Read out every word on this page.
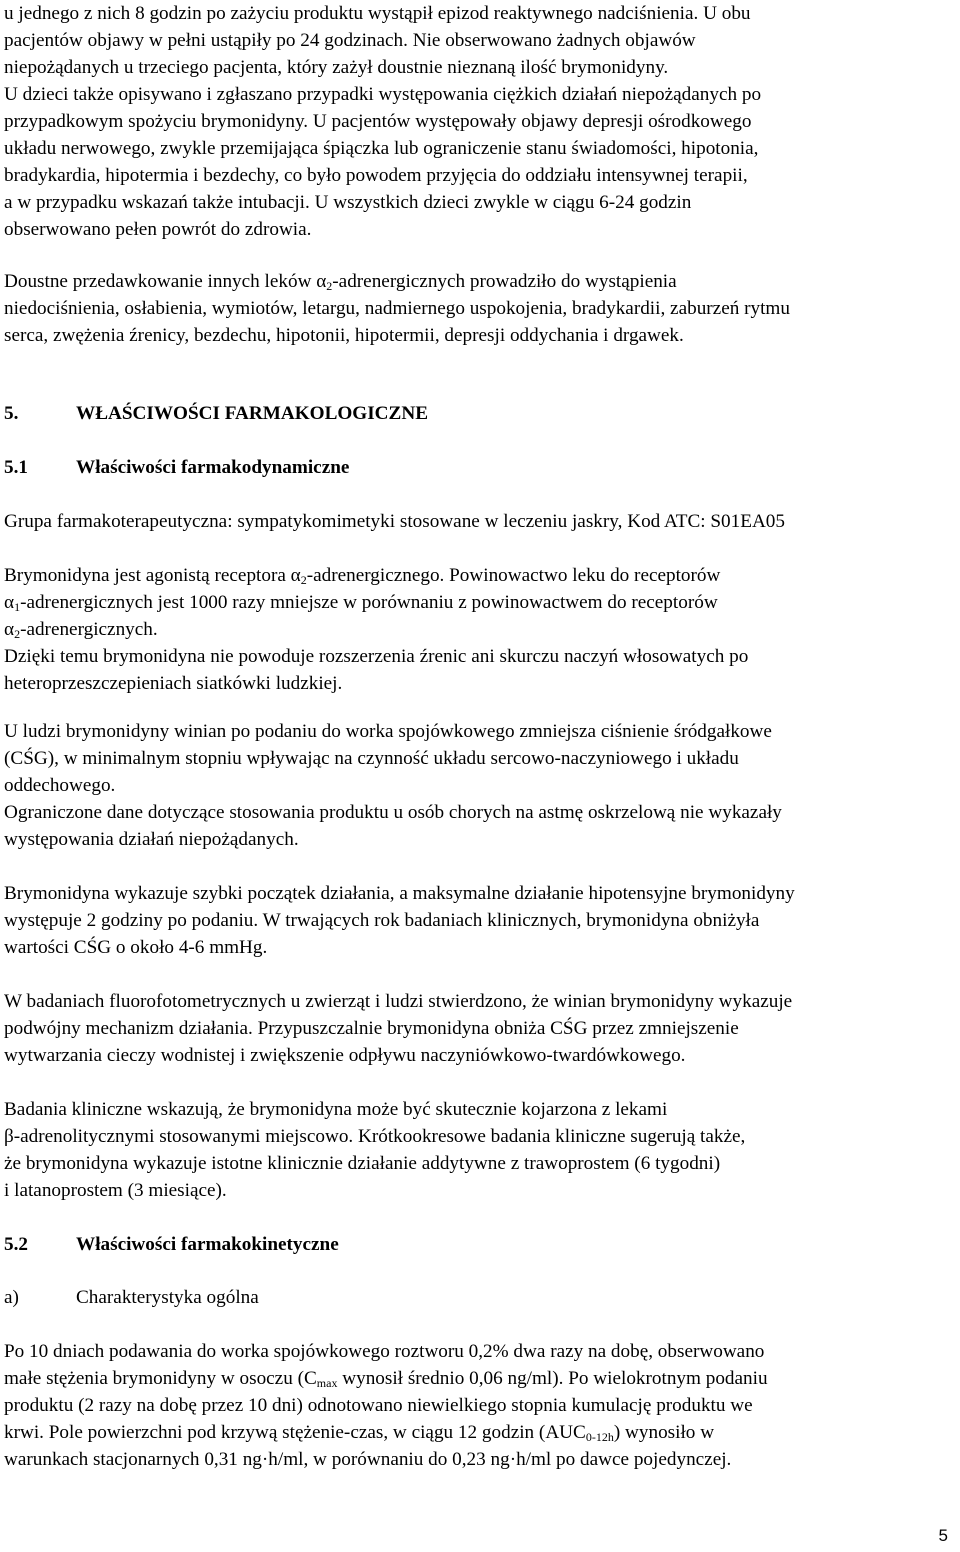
u jednego z nich 8 godzin po zażyciu produktu wystąpił epizod reaktywnego nadciśnienia. U obu

pacjentów objawy w pełni ustąpiły po 24 godzinach. Nie obserwowano żadnych objawów

niepożądanych u trzeciego pacjenta, który zażył doustnie nieznaną ilość brymonidyny.

U dzieci także opisywano i zgłaszano przypadki występowania ciężkich działań niepożądanych po

przypadkowym spożyciu brymonidyny. U pacjentów występowały objawy depresji ośrodkowego

układu nerwowego, zwykle przemijająca śpiączka lub ograniczenie stanu świadomości, hipotonia,

bradykardia, hipotermia i bezdechy, co było powodem przyjęcia do oddziału intensywnej terapii,

a w przypadku wskazań także intubacji. U wszystkich dzieci zwykle w ciągu 6-24 godzin

obserwowano pełen powrót do zdrowia.

Doustne przedawkowanie innych leków $\alpha_2$-adrenergicznych prowadziło do wystąpienia

niedociśnienia, osłabienia, wymiotów, letargu, nadmiernego uspokojenia, bradykardii, zaburzeń rytmu

serca, zwężenia źrenicy, bezdechu, hipotonii, hipotermii, depresji oddychania i drgawek.

5.	WŁAŚCIWOŚCI FARMAKOLOGICZNE

5.1	Właściwości farmakodynamiczne

Grupa farmakoterapeutyczna: sympatykomimetyki stosowane w leczeniu jaskry, Kod ATC: S01EA05

Brymonidyna jest agonistą receptora $\alpha_2$-adrenergicznego. Powinowactwo leku do receptorów

$\alpha_1$-adrenergicznych jest 1000 razy mniejsze w porównaniu z powinowactwem do receptorów

$\alpha_2$-adrenergicznych.

Dzięki temu brymonidyna nie powoduje rozszerzenia źrenic ani skurczu naczyń włosowatych po

heteroprzeszczepieniach siatkówki ludzkiej.

U ludzi brymonidyny winian po podaniu do worka spojówkowego zmniejsza ciśnienie śródgałkowe

(CŚG), w minimalnym stopniu wpływając na czynność układu sercowo-naczyniowego i układu

oddechowego.

Ograniczone dane dotyczące stosowania produktu u osób chorych na astmę oskrzelową nie wykazały

występowania działań niepożądanych.

Brymonidyna wykazuje szybki początek działania, a maksymalne działanie hipotensyjne brymonidyny

występuje 2 godziny po podaniu. W trwających rok badaniach klinicznych, brymonidyna obniżyła

wartości CŚG o około 4-6 mmHg.

W badaniach fluorofotometrycznych u zwierząt i ludzi stwierdzono, że winian brymonidyny wykazuje

podwójny mechanizm działania. Przypuszczalnie brymonidyna obniża CŚG przez zmniejszenie

wytwarzania cieczy wodnistej i zwiększenie odpływu naczyniówkowo-twardówkowego.

Badania kliniczne wskazują, że brymonidyna może być skutecznie kojarzona z lekami

β-adrenolitycznymi stosowanymi miejscowo. Krótkookresowe badania kliniczne sugerują także,

że brymonidyna wykazuje istotne klinicznie działanie addytywne z trawoprostem (6 tygodni)

i latanoprostem (3 miesiące).

5.2	Właściwości farmakokinetyczne

a)	Charakterystyka ogólna

Po 10 dniach podawania do worka spojówkowego roztworu 0,2% dwa razy na dobę, obserwowano

małe stężenia brymonidyny w osoczu ($C_{max}$ wynosił średnio 0,06 ng/ml). Po wielokrotnym podaniu

produktu (2 razy na dobę przez 10 dni) odnotowano niewielkiego stopnia kumulację produktu we

krwi. Pole powierzchni pod krzywą stężenie-czas, w ciągu 12 godzin $(AUC_{0-12h})$ wynosiło w

warunkach stacjonarnych 0,31 ng·h/ml, w porównaniu do 0,23 ng·h/ml po dawce pojedynczej.

5
